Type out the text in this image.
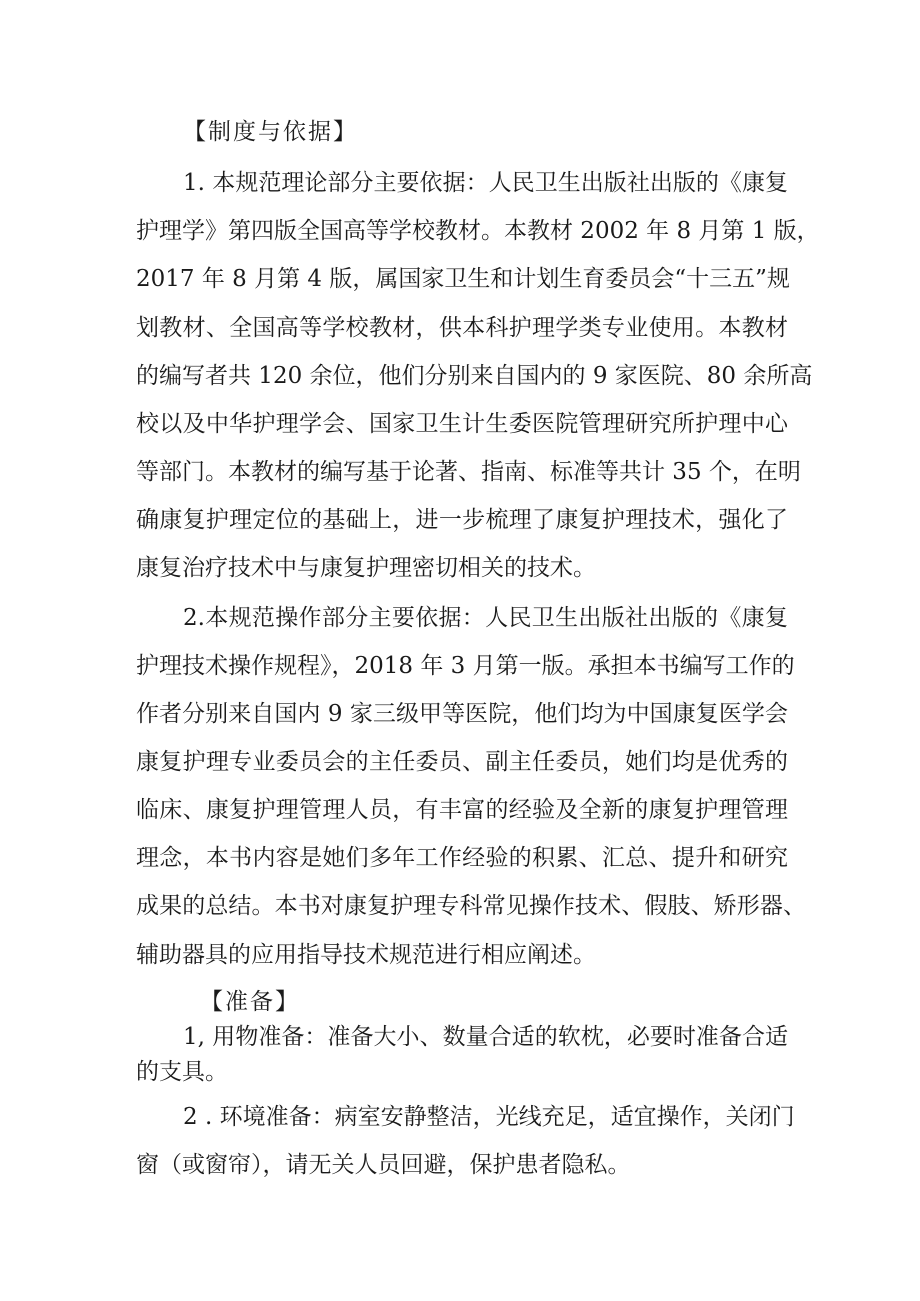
【制度与依据】
1. 本规范理论部分主要依据：人民卫生出版社出版的《康复
护理学》第四版全国高等学校教材。本教材 2002 年 8 月第 1 版，
2017 年 8 月第 4 版，属国家卫生和计划生育委员会“十三五”规
划教材、全国高等学校教材，供本科护理学类专业使用。本教材
的编写者共 120 余位，他们分别来自国内的 9 家医院、80 余所高
校以及中华护理学会、国家卫生计生委医院管理研究所护理中心
等部门。本教材的编写基于论著、指南、标准等共计 35 个，在明
确康复护理定位的基础上，进一步梳理了康复护理技术，强化了
康复治疗技术中与康复护理密切相关的技术。
2.本规范操作部分主要依据：人民卫生出版社出版的《康复
护理技术操作规程》，2018 年 3 月第一版。承担本书编写工作的
作者分别来自国内 9 家三级甲等医院，他们均为中国康复医学会
康复护理专业委员会的主任委员、副主任委员，她们均是优秀的
临床、康复护理管理人员，有丰富的经验及全新的康复护理管理
理念，本书内容是她们多年工作经验的积累、汇总、提升和研究
成果的总结。本书对康复护理专科常见操作技术、假肢、矫形器、
辅助器具的应用指导技术规范进行相应阐述。
【准备】
1, 用物准备：准备大小、数量合适的软枕，必要时准备合适
的支具。
2 . 环境准备：病室安静整洁，光线充足，适宜操作，关闭门
窗（或窗帘），请无关人员回避，保护患者隐私。
